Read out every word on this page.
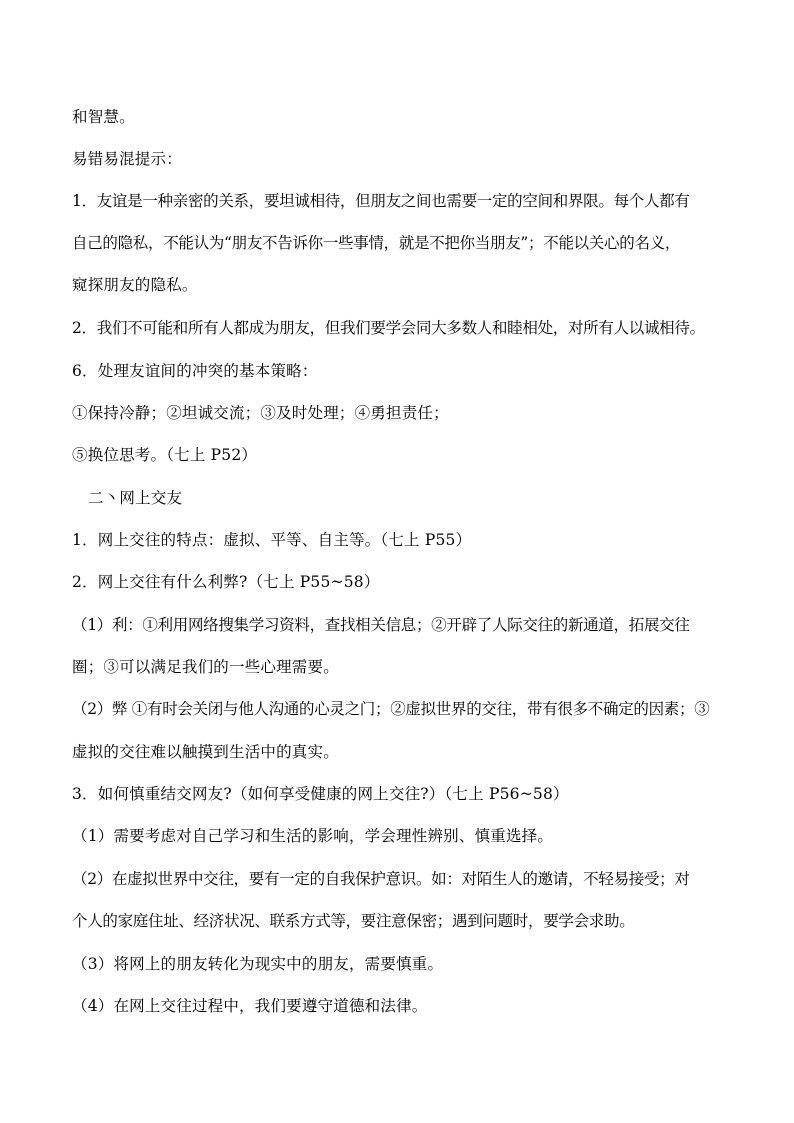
和智慧。
易错易混提示：
1．友谊是一种亲密的关系，要坦诚相待，但朋友之间也需要一定的空间和界限。每个人都有
自己的隐私，不能认为“朋友不告诉你一些事情，就是不把你当朋友”；不能以关心的名义，
窥探朋友的隐私。
2．我们不可能和所有人都成为朋友，但我们要学会同大多数人和睦相处，对所有人以诚相待。
6．处理友谊间的冲突的基本策略：
①保持冷静；②坦诚交流；③及时处理；④勇担责任；
⑤换位思考。（七上 P52）
二丶网上交友
1．网上交往的特点：虚拟、平等、自主等。（七上 P55）
2．网上交往有什么利弊?（七上 P55~58）
（1）利：①利用网络搜集学习资料，查找相关信息；②开辟了人际交往的新通道，拓展交往
圈；③可以满足我们的一些心理需要。
（2）弊 ①有时会关闭与他人沟通的心灵之门；②虚拟世界的交往，带有很多不确定的因素；③
虚拟的交往难以触摸到生活中的真实。
3．如何慎重结交网友?（如何享受健康的网上交往?）（七上 P56~58）
（1）需要考虑对自己学习和生活的影响，学会理性辨别、慎重选择。
（2）在虚拟世界中交往，要有一定的自我保护意识。如：对陌生人的邀请，不轻易接受；对
个人的家庭住址、经济状况、联系方式等，要注意保密；遇到问题时，要学会求助。
（3）将网上的朋友转化为现实中的朋友，需要慎重。
（4）在网上交往过程中，我们要遵守道德和法律。
